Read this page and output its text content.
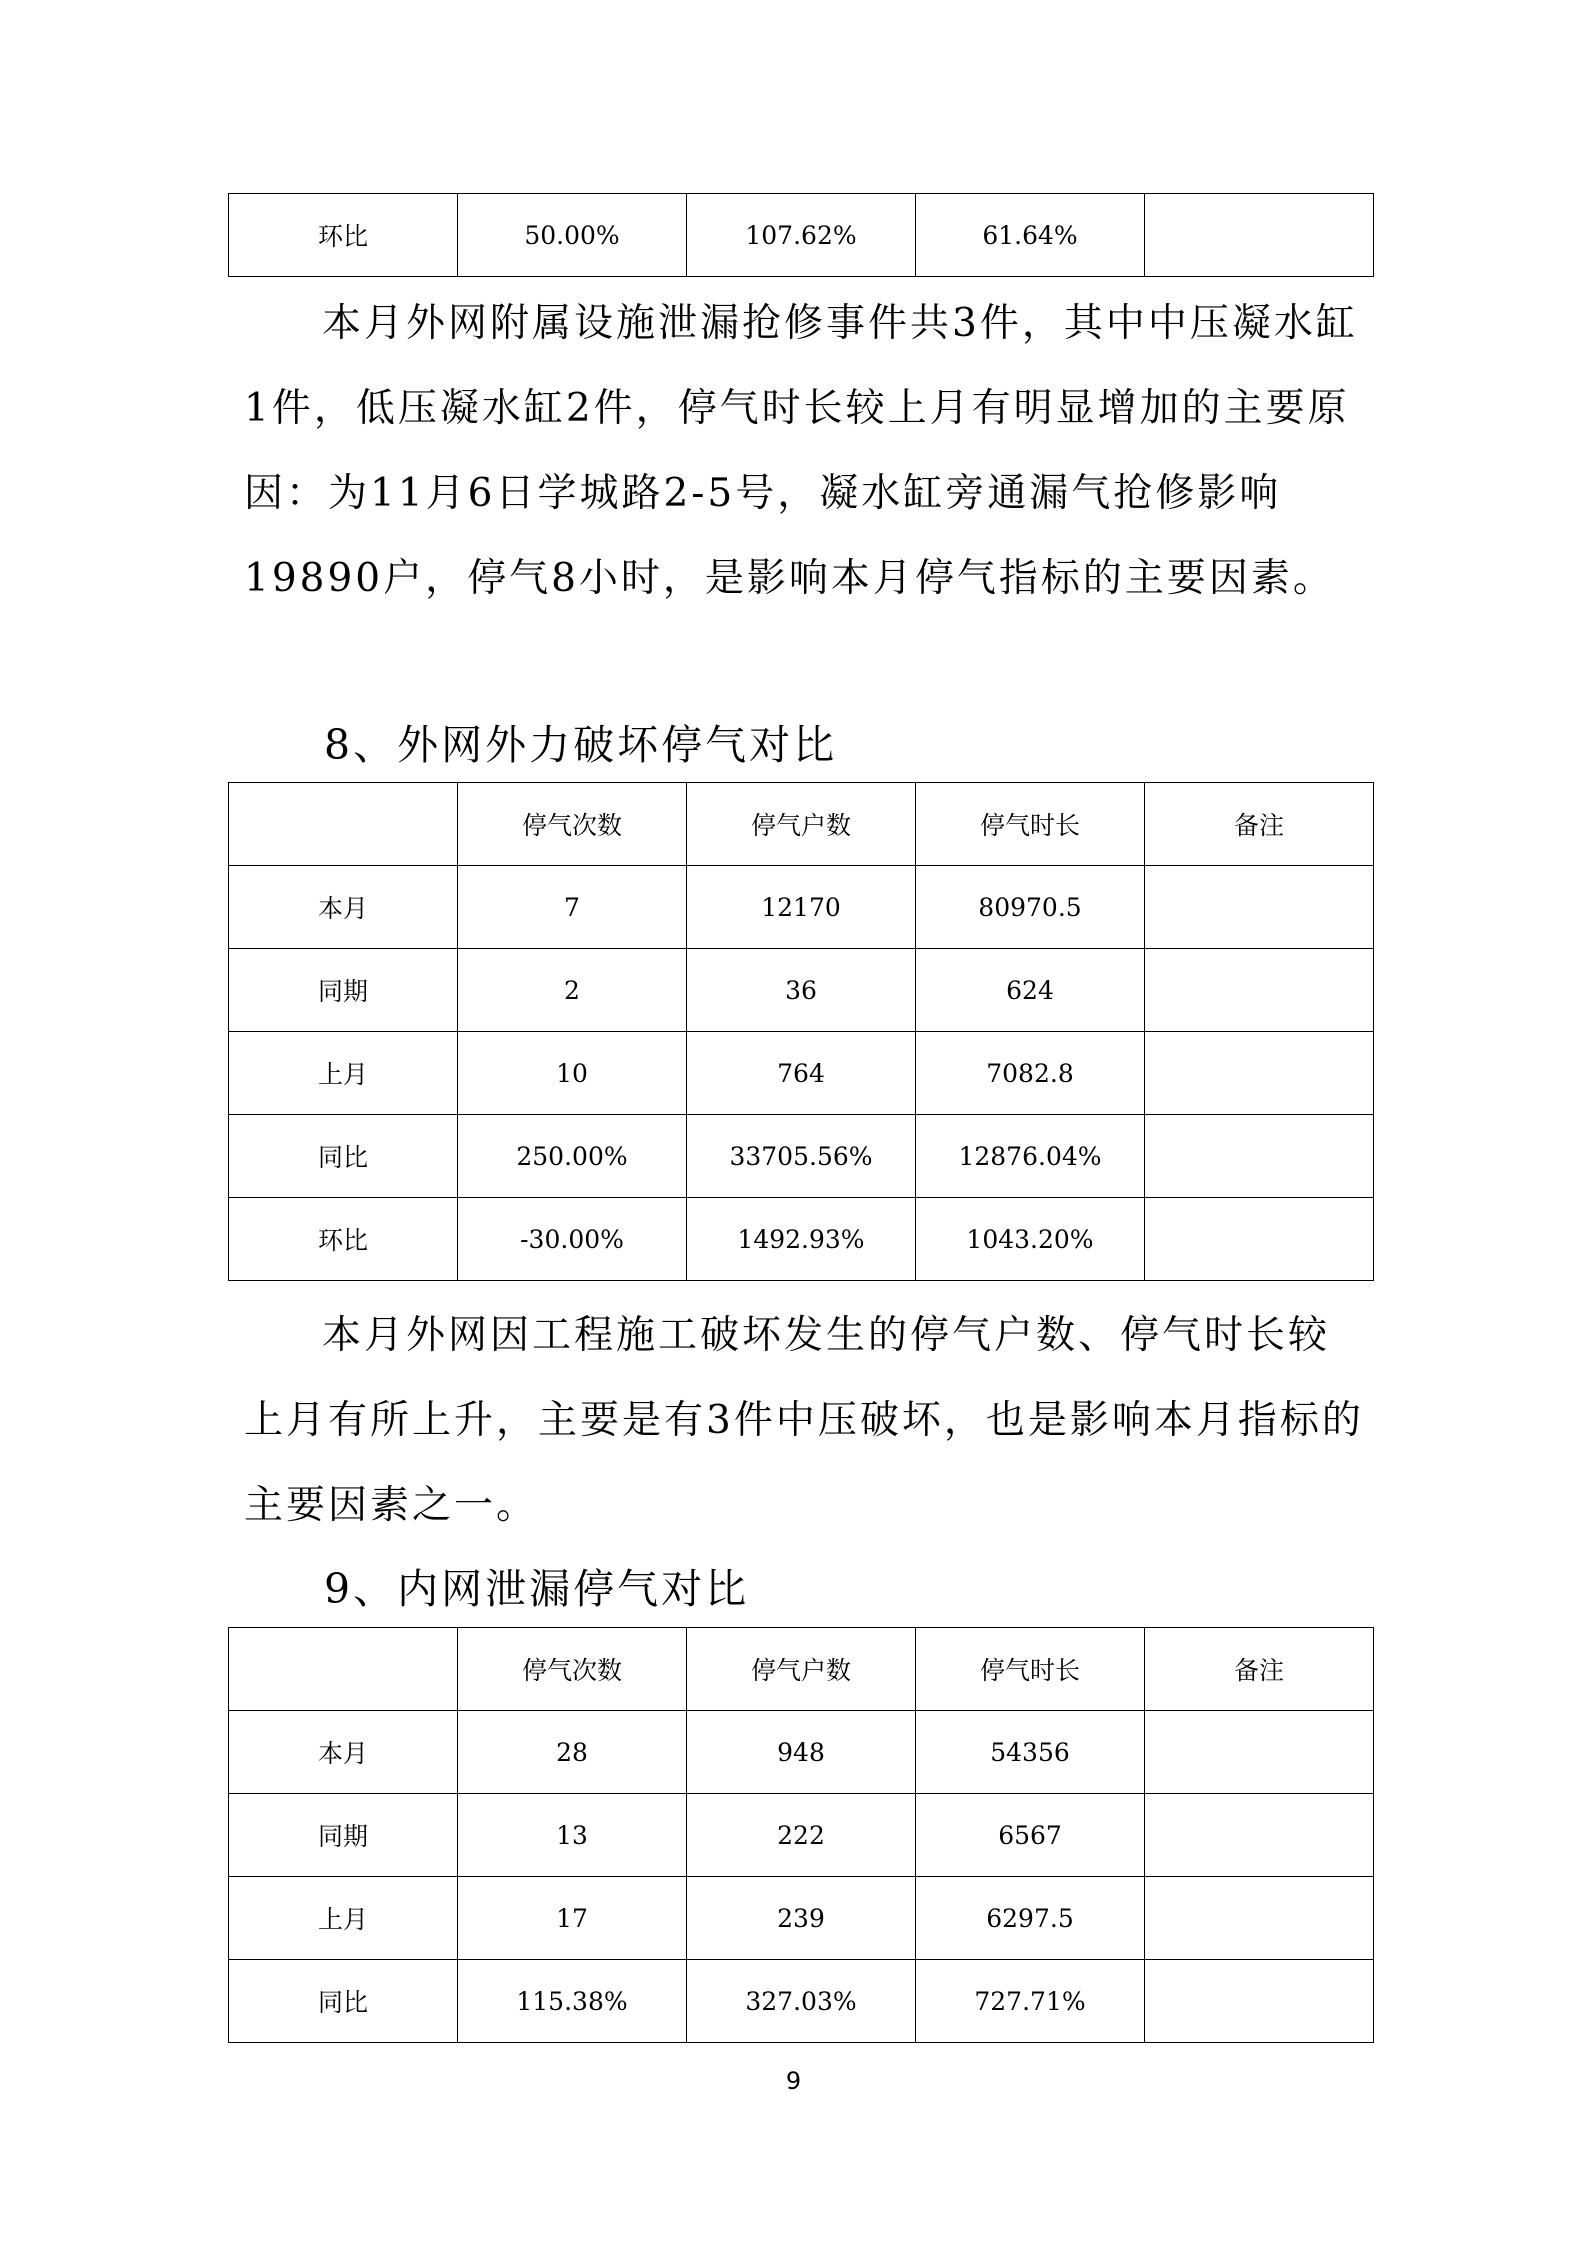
环比	50.00%	107.62%	61.64%	

本月外网附属设施泄漏抢修事件共3件，其中中压凝水缸1件，低压凝水缸2件，停气时长较上月有明显增加的主要原因：为11月6日学城路2-5号，凝水缸旁通漏气抢修影响19890户，停气8小时，是影响本月停气指标的主要因素。

8、外网外力破坏停气对比

	停气次数	停气户数	停气时长	备注
本月	7	12170	80970.5	
同期	2	36	624	
上月	10	764	7082.8	
同比	250.00%	33705.56%	12876.04%	
环比	-30.00%	1492.93%	1043.20%	

本月外网因工程施工破坏发生的停气户数、停气时长较上月有所上升，主要是有3件中压破坏，也是影响本月指标的主要因素之一。

9、内网泄漏停气对比

	停气次数	停气户数	停气时长	备注
本月	28	948	54356	
同期	13	222	6567	
上月	17	239	6297.5	
同比	115.38%	327.03%	727.71%	
9
